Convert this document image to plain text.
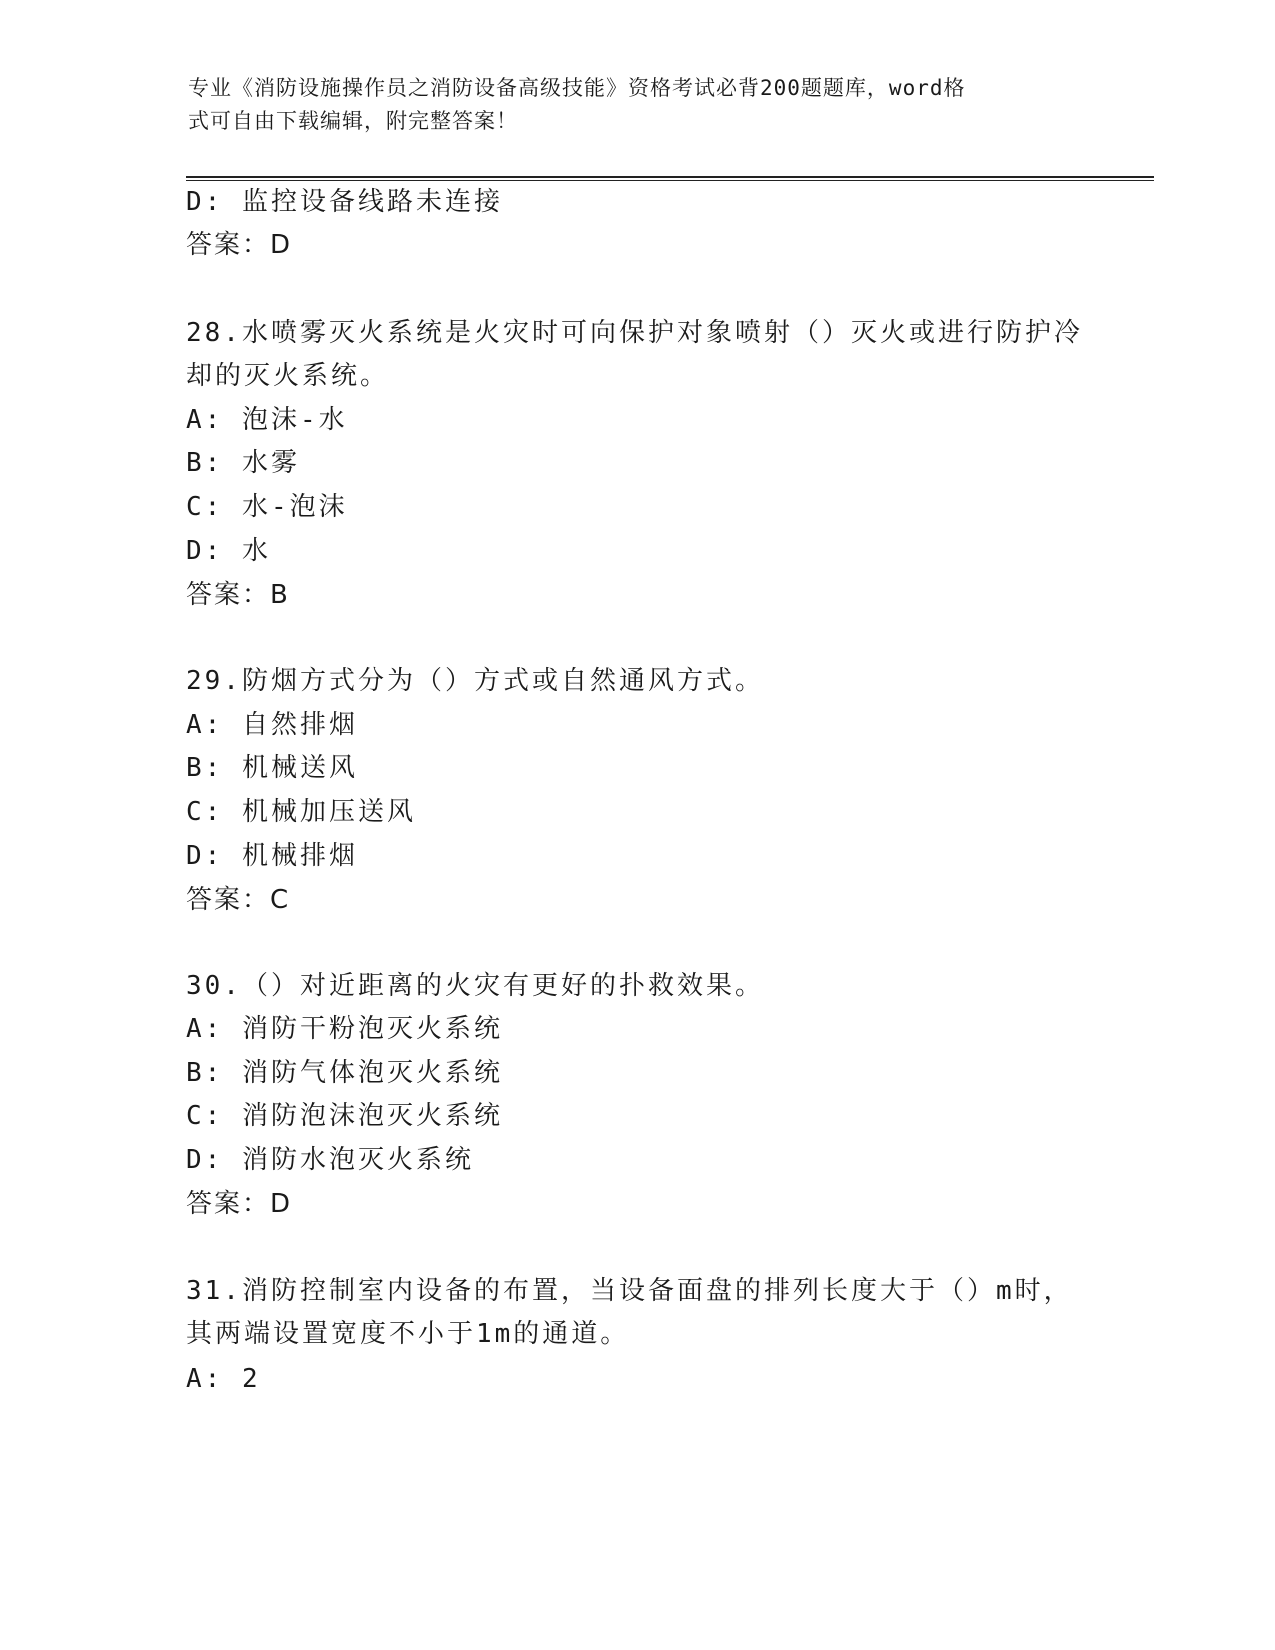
专业《消防设施操作员之消防设备高级技能》资格考试必背200题题库，word格
式可自由下载编辑，附完整答案！
D: 监控设备线路未连接
答案：D
28.水喷雾灭火系统是火灾时可向保护对象喷射（）灭火或进行防护冷
却的灭火系统。
A: 泡沫-水
B: 水雾
C: 水-泡沫
D: 水
答案：B
29.防烟方式分为（）方式或自然通风方式。
A: 自然排烟
B: 机械送风
C: 机械加压送风
D: 机械排烟
答案：C
30.（）对近距离的火灾有更好的扑救效果。
A: 消防干粉泡灭火系统
B: 消防气体泡灭火系统
C: 消防泡沫泡灭火系统
D: 消防水泡灭火系统
答案：D
31.消防控制室内设备的布置，当设备面盘的排列长度大于（）m时，
其两端设置宽度不小于1m的通道。
A: 2
